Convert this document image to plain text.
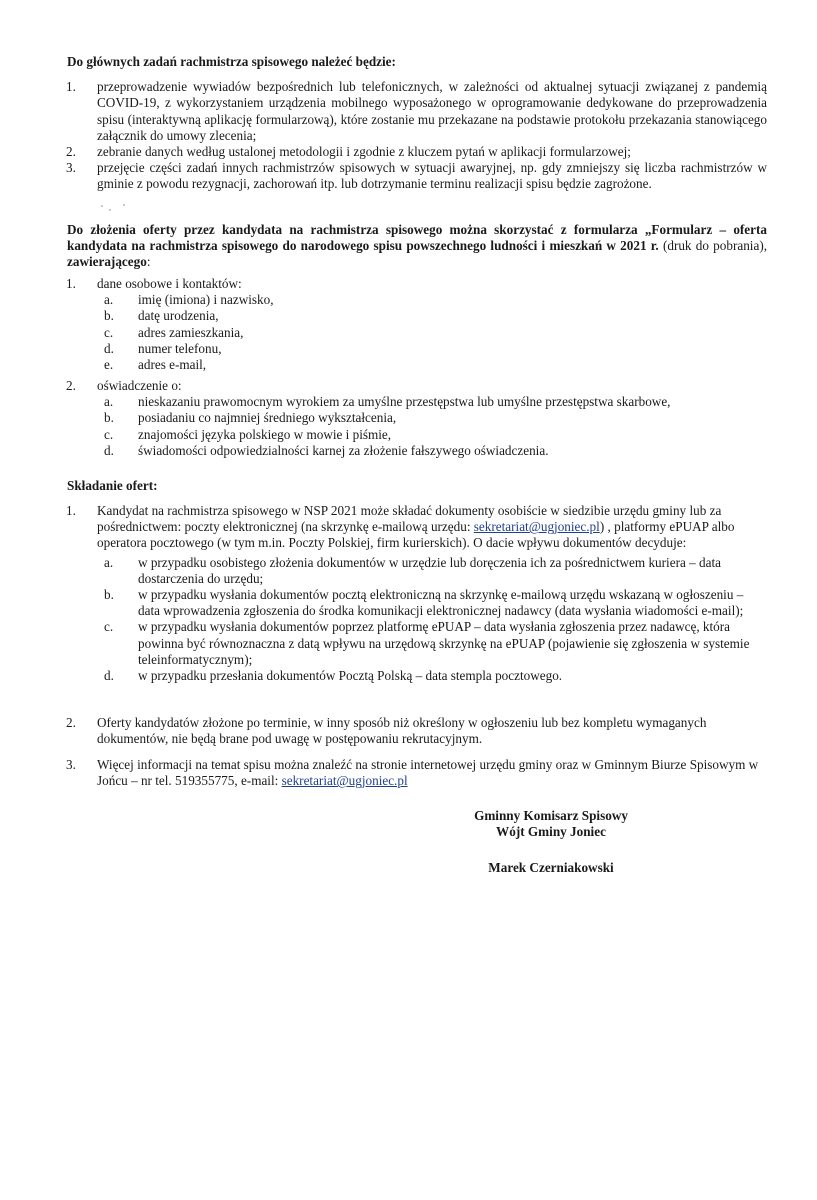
Do głównych zadań rachmistrza spisowego należeć będzie:

1.	przeprowadzenie wywiadów bezpośrednich lub telefonicznych, w zależności od aktualnej sytuacji związanej z pandemią COVID-19, z wykorzystaniem urządzenia mobilnego wyposażonego w oprogramowanie dedykowane do przeprowadzenia spisu (interaktywną aplikację formularzową), które zostanie mu przekazane na podstawie protokołu przekazania stanowiącego załącznik do umowy zlecenia;
2.	zebranie danych według ustalonej metodologii i zgodnie z kluczem pytań w aplikacji formularzowej;
3.	przejęcie części zadań innych rachmistrzów spisowych w sytuacji awaryjnej, np. gdy zmniejszy się liczba rachmistrzów w gminie z powodu rezygnacji, zachorowań itp. lub dotrzymanie terminu realizacji spisu będzie zagrożone.

Do złożenia oferty przez kandydata na rachmistrza spisowego można skorzystać z formularza „Formularz – oferta kandydata na rachmistrza spisowego do narodowego spisu powszechnego ludności i mieszkań w 2021 r. (druk do pobrania), zawierającego:

1.	dane osobowe i kontaktów:
a.	imię (imiona) i nazwisko,
b.	datę urodzenia,
c.	adres zamieszkania,
d.	numer telefonu,
e.	adres e-mail,
2.	oświadczenie o:
a.	nieskazaniu prawomocnym wyrokiem za umyślne przestępstwa lub umyślne przestępstwa skarbowe,
b.	posiadaniu co najmniej średniego wykształcenia,
c.	znajomości języka polskiego w mowie i piśmie,
d.	świadomości odpowiedzialności karnej za złożenie fałszywego oświadczenia.

Składanie ofert:

1.	Kandydat na rachmistrza spisowego w NSP 2021 może składać dokumenty osobiście w siedzibie urzędu gminy lub za pośrednictwem: poczty elektronicznej (na skrzynkę e-mailową urzędu: sekretariat@ugjoniec.pl) , platformy ePUAP albo operatora pocztowego (w tym m.in. Poczty Polskiej, firm kurierskich). O dacie wpływu dokumentów decyduje:
a.	w przypadku osobistego złożenia dokumentów w urzędzie lub doręczenia ich za pośrednictwem kuriera – data dostarczenia do urzędu;
b.	w przypadku wysłania dokumentów pocztą elektroniczną na skrzynkę e-mailową urzędu wskazaną w ogłoszeniu – data wprowadzenia zgłoszenia do środka komunikacji elektronicznej nadawcy (data wysłania wiadomości e-mail);
c.	w przypadku wysłania dokumentów poprzez platformę ePUAP – data wysłania zgłoszenia przez nadawcę, która powinna być równoznaczna z datą wpływu na urzędową skrzynkę na ePUAP (pojawienie się zgłoszenia w systemie teleinformatycznym);
d.	w przypadku przesłania dokumentów Pocztą Polską – data stempla pocztowego.
2.	Oferty kandydatów złożone po terminie, w inny sposób niż określony w ogłoszeniu lub bez kompletu wymaganych dokumentów, nie będą brane pod uwagę w postępowaniu rekrutacyjnym.
3.	Więcej informacji na temat spisu można znaleźć na stronie internetowej urzędu gminy oraz w Gminnym Biurze Spisowym w Jońcu – nr tel. 519355775, e-mail: sekretariat@ugjoniec.pl
Gminny Komisarz Spisowy
Wójt Gminy Joniec
Marek Czerniakowski
